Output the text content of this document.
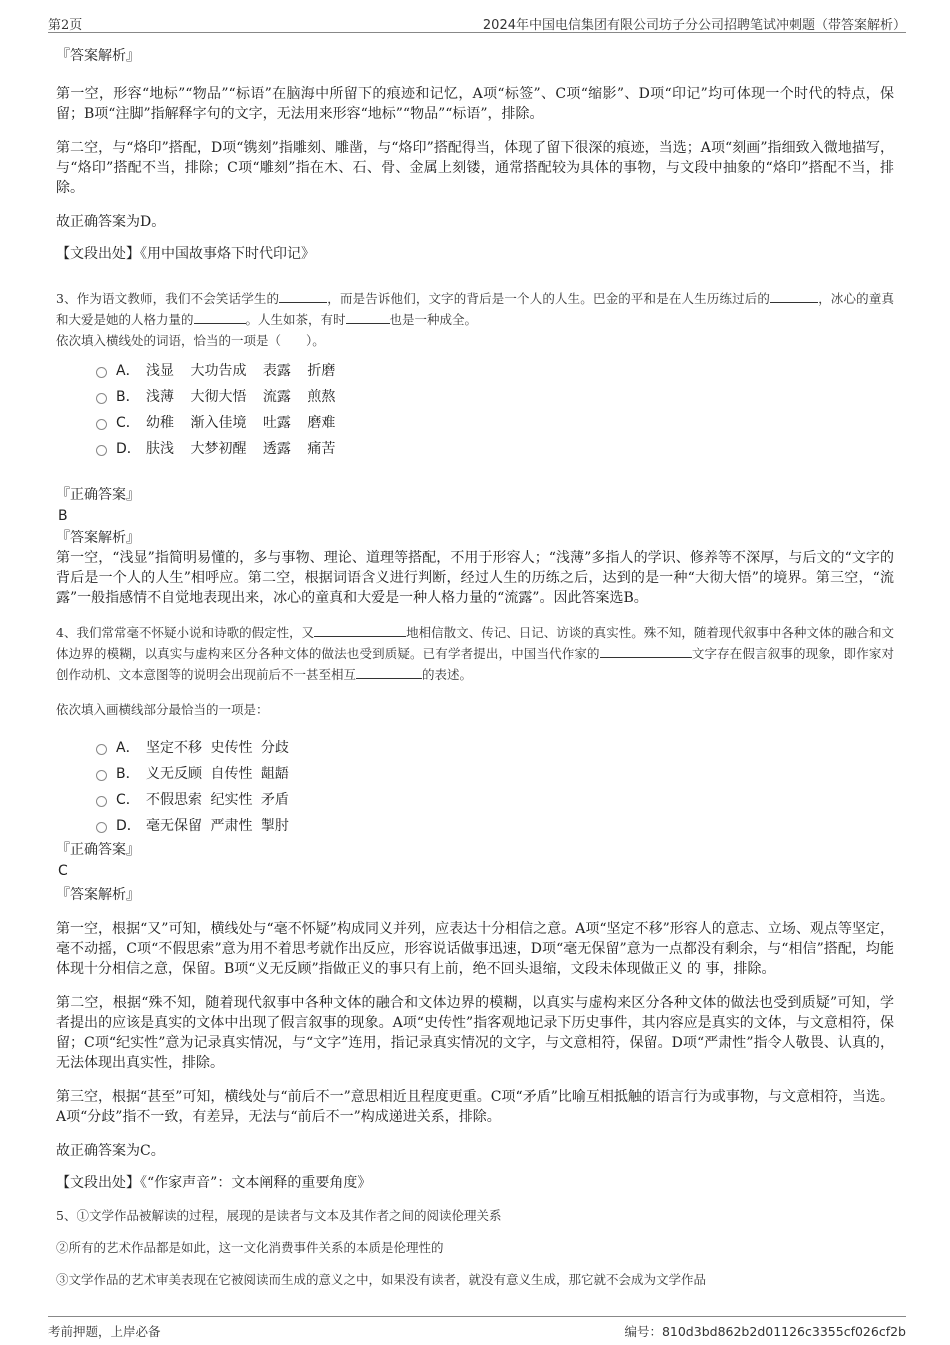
第2页	2024年中国电信集团有限公司坊子分公司招聘笔试冲刺题（带答案解析）

『答案解析』

第一空，形容“地标”“物品”“标语”在脑海中所留下的痕迹和记忆，A项“标签”、C项“缩影”、D项“印记”均可体现一个时代的特点，保留；B项“注脚”指解释字句的文字，无法用来形容“地标”“物品”“标语”，排除。

第二空，与“烙印”搭配，D项“镌刻”指雕刻、雕凿，与“烙印”搭配得当，体现了留下很深的痕迹，当选；A项“刻画”指细致入微地描写，与“烙印”搭配不当，排除；C项“雕刻”指在木、石、骨、金属上刻镂，通常搭配较为具体的事物，与文段中抽象的“烙印”搭配不当，排除。

故正确答案为D。

【文段出处】《用中国故事烙下时代印记》

3、作为语文教师，我们不会笑话学生的	，而是告诉他们，文字的背后是一个人的人生。巴金的平和是在人生历练过后的	，冰心的童真和大爱是她的人格力量的	。人生如茶，有时	也是一种成全。

依次填入横线处的词语，恰当的一项是（　　）。

A． 浅显 大功告成 表露 折磨
B． 浅薄 大彻大悟 流露 煎熬
C． 幼稚 渐入佳境 吐露 磨难
D． 肤浅 大梦初醒 透露 痛苦

『正确答案』

B

『答案解析』

第一空，“浅显”指简明易懂的，多与事物、理论、道理等搭配，不用于形容人；“浅薄”多指人的学识、修养等不深厚，与后文的“文字的背后是一个人的人生”相呼应。第二空，根据词语含义进行判断，经过人生的历练之后，达到的是一种“大彻大悟”的境界。第三空，“流露”一般指感情不自觉地表现出来，冰心的童真和大爱是一种人格力量的“流露”。因此答案选B。

4、我们常常毫不怀疑小说和诗歌的假定性，又	地相信散文、传记、日记、访谈的真实性。殊不知，随着现代叙事中各种文体的融合和文体边界的模糊，以真实与虚构来区分各种文体的做法也受到质疑。已有学者提出，中国当代作家的	文字存在假言叙事的现象，即作家对创作动机、文本意图等的说明会出现前后不一甚至相互	的表述。

依次填入画横线部分最恰当的一项是：

A． 坚定不移 史传性 分歧
B． 义无反顾 自传性 龃龉
C． 不假思索 纪实性 矛盾
D． 毫无保留 严肃性 掣肘

『正确答案』

C

『答案解析』

第一空，根据“又”可知，横线处与“毫不怀疑”构成同义并列，应表达十分相信之意。A项“坚定不移”形容人的意志、立场、观点等坚定，毫不动摇，C项“不假思索”意为用不着思考就作出反应，形容说话做事迅速，D项“毫无保留”意为一点都没有剩余，与“相信”搭配，均能体现十分相信之意，保留。B项“义无反顾”指做正义的事只有上前，绝不回头退缩，文段未体现做正义 的 事，排除。

第二空，根据“殊不知，随着现代叙事中各种文体的融合和文体边界的模糊，以真实与虚构来区分各种文体的做法也受到质疑”可知，学者提出的应该是真实的文体中出现了假言叙事的现象。A项“史传性”指客观地记录下历史事件，其内容应是真实的文体，与文意相符，保留；C项“纪实性”意为记录真实情况，与“文字”连用，指记录真实情况的文字，与文意相符，保留。D项“严肃性”指令人敬畏、认真的，无法体现出真实性，排除。

第三空，根据“甚至”可知，横线处与“前后不一”意思相近且程度更重。C项“矛盾”比喻互相抵触的语言行为或事物，与文意相符，当选。A项“分歧”指不一致，有差异，无法与“前后不一”构成递进关系，排除。

故正确答案为C。

【文段出处】《“作家声音”：文本阐释的重要角度》

5、①文学作品被解读的过程，展现的是读者与文本及其作者之间的阅读伦理关系

②所有的艺术作品都是如此，这一文化消费事件关系的本质是伦理性的

③文学作品的艺术审美表现在它被阅读而生成的意义之中，如果没有读者，就没有意义生成，那它就不会成为文学作品

考前押题，上岸必备	编号：810d3bd862b2d01126c3355cf026cf2b
